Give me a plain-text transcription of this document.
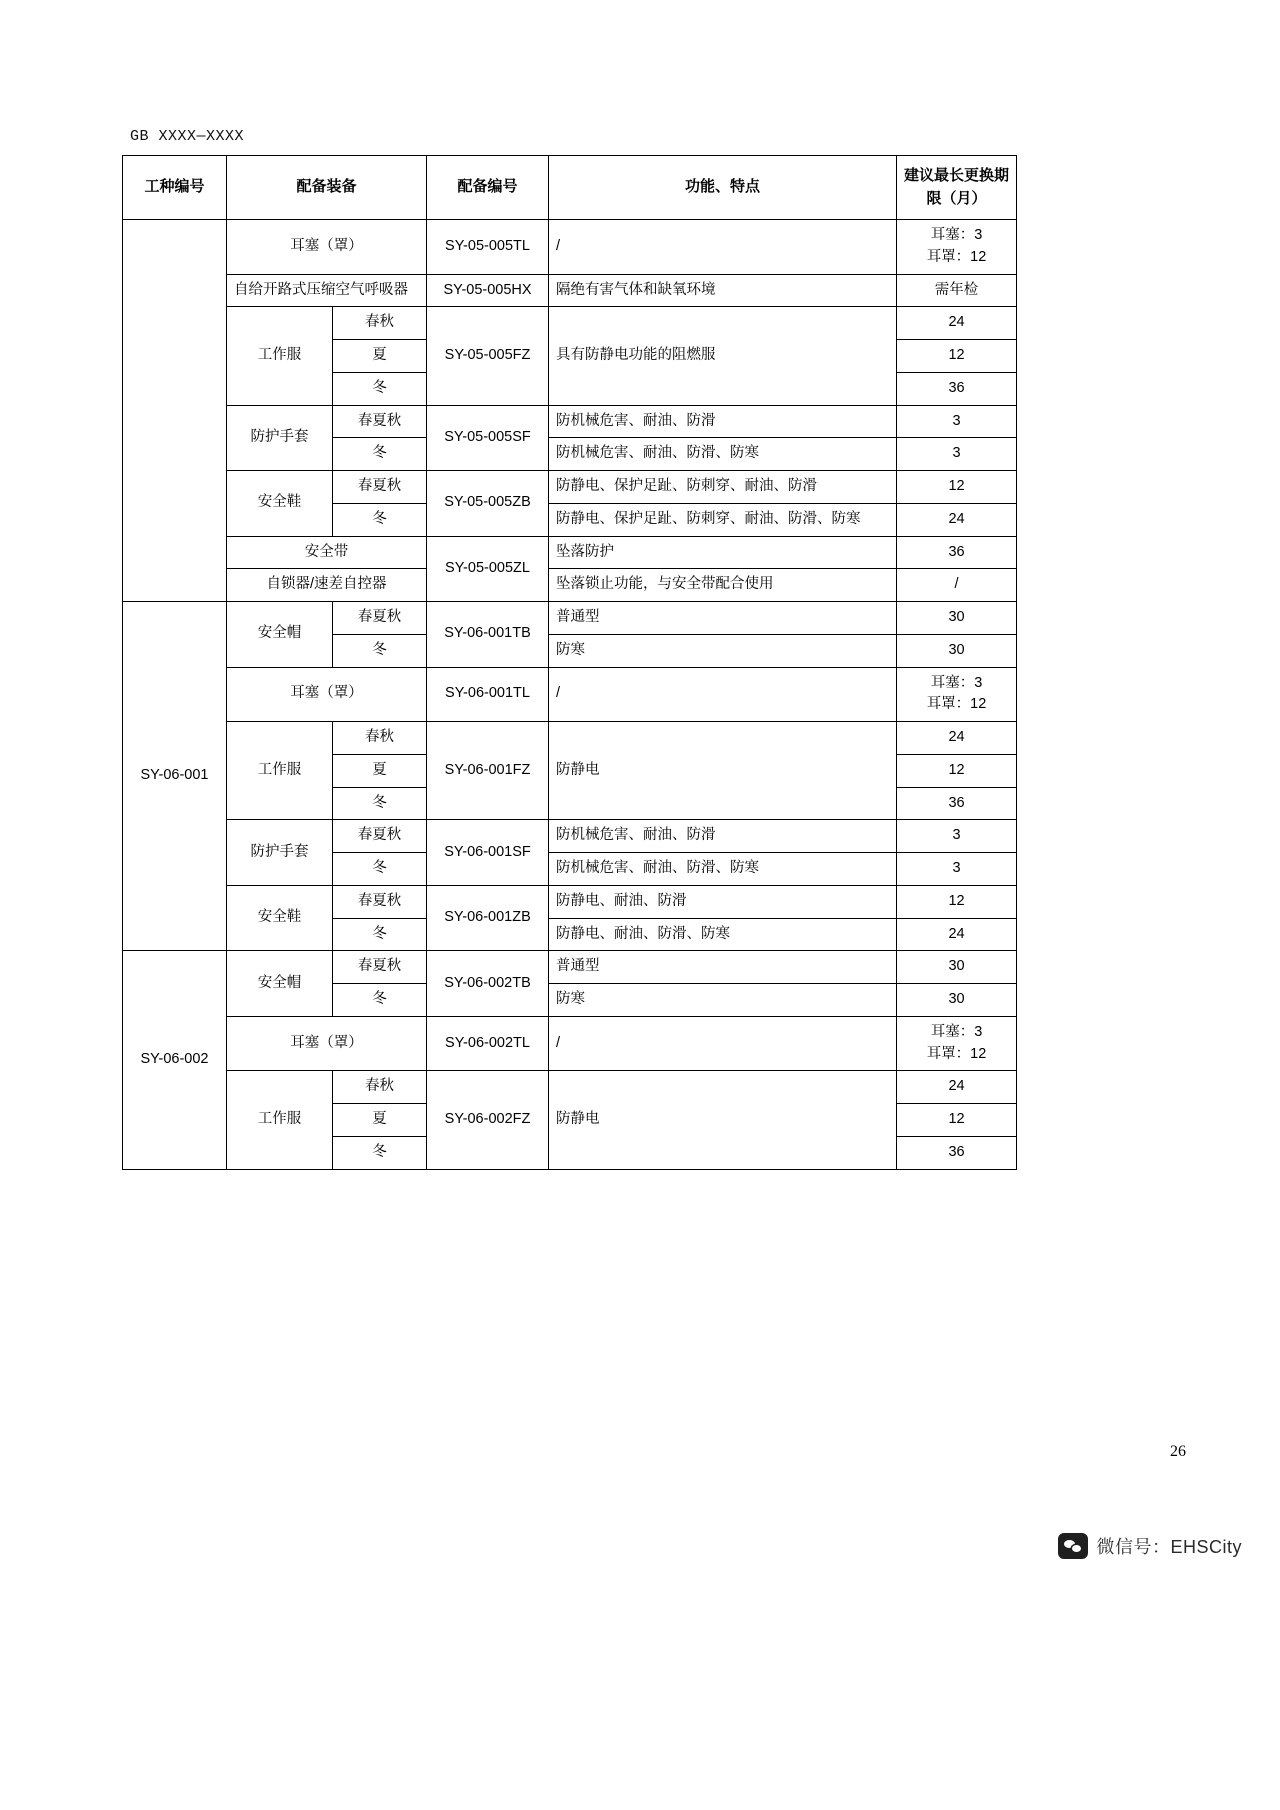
GB XXXX—XXXX
工种编号	配备装备		配备编号	功能、特点	建议最长更换期限（月）
	耳塞（罩）		SY-05-005TL	/	耳塞：3
耳罩：12

	自给开路式压缩空气呼吸器		SY-05-005HX	隔绝有害气体和缺氧环境	需年检
	工作服	春秋	SY-05-005FZ	具有防静电功能的阻燃服	24
		夏			12
		冬			36
	防护手套	春夏秋	SY-05-005SF	防机械危害、耐油、防滑	3
		冬		防机械危害、耐油、防滑、防寒	3
	安全鞋	春夏秋	SY-05-005ZB	防静电、保护足趾、防刺穿、耐油、防滑	12
		冬		防静电、保护足趾、防刺穿、耐油、防滑、防寒	24
	安全带		SY-05-005ZL	坠落防护	36
	自锁器/速差自控器			坠落锁止功能，与安全带配合使用	/
SY-06-001	安全帽	春夏秋	SY-06-001TB	普通型	30
		冬		防寒	30
	耳塞（罩）		SY-06-001TL	/	耳塞：3
耳罩：12

	工作服	春秋	SY-06-001FZ	防静电	24
		夏			12
		冬			36
	防护手套	春夏秋	SY-06-001SF	防机械危害、耐油、防滑	3
		冬		防机械危害、耐油、防滑、防寒	3
	安全鞋	春夏秋	SY-06-001ZB	防静电、耐油、防滑	12
		冬		防静电、耐油、防滑、防寒	24
SY-06-002	安全帽	春夏秋	SY-06-002TB	普通型	30
		冬		防寒	30
	耳塞（罩）		SY-06-002TL	/	耳塞：3
耳罩：12

	工作服	春秋	SY-06-002FZ	防静电	24
		夏			12
		冬			36
26
微信号：EHSCity
